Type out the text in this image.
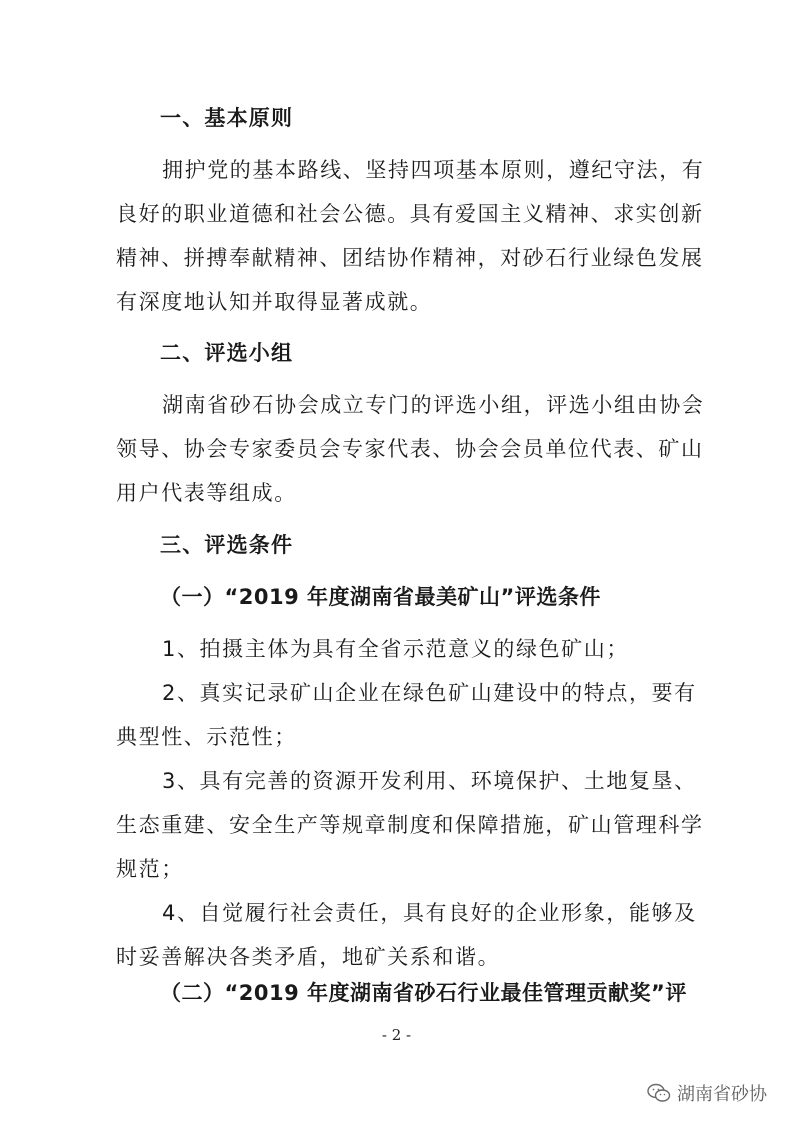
一、基本原则
拥护党的基本路线、坚持四项基本原则，遵纪守法，有
良好的职业道德和社会公德。具有爱国主义精神、求实创新
精神、拼搏奉献精神、团结协作精神，对砂石行业绿色发展
有深度地认知并取得显著成就。
二、评选小组
湖南省砂石协会成立专门的评选小组，评选小组由协会
领导、协会专家委员会专家代表、协会会员单位代表、矿山
用户代表等组成。
三、评选条件
（一）“2019 年度湖南省最美矿山”评选条件
1、拍摄主体为具有全省示范意义的绿色矿山；
2、真实记录矿山企业在绿色矿山建设中的特点，要有
典型性、示范性；
3、具有完善的资源开发利用、环境保护、土地复垦、
生态重建、安全生产等规章制度和保障措施，矿山管理科学
规范；
4、自觉履行社会责任，具有良好的企业形象，能够及
时妥善解决各类矛盾，地矿关系和谐。
（二）“2019 年度湖南省砂石行业最佳管理贡献奖”评
- 2 -
湖南省砂协
